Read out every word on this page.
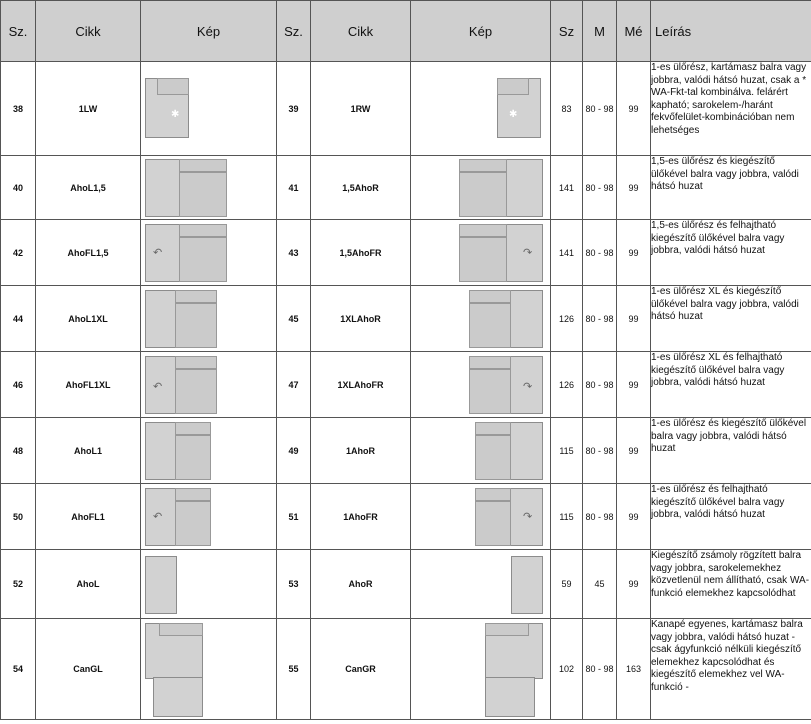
Sz.	Cikk	Kép	Sz.	Cikk	Kép	Sz	M	Mé	Leírás
38	1LW	✱	39	1RW	✱	83	80 - 98	99	1-es ülőrész, kartámasz balra vagy jobbra, valódi hátsó huzat, csak a * WA-Fkt-tal kombinálva. felárért kapható; sarokelem-/haránt fekvőfelület-kombinációban nem lehetséges
40	AhoL1,5		41	1,5AhoR		141	80 - 98	99	1,5-es ülőrész és kiegészítő ülőkével balra vagy jobbra, valódi hátsó huzat
42	AhoFL1,5	↶	43	1,5AhoFR	↷	141	80 - 98	99	1,5-es ülőrész és felhajtható kiegészítő ülőkével balra vagy jobbra, valódi hátsó huzat
44	AhoL1XL		45	1XLAhoR		126	80 - 98	99	1-es ülőrész XL és kiegészítő ülőkével balra vagy jobbra, valódi hátsó huzat
46	AhoFL1XL	↶	47	1XLAhoFR	↷	126	80 - 98	99	1-es ülőrész XL és felhajtható kiegészítő ülőkével balra vagy jobbra, valódi hátsó huzat
48	AhoL1		49	1AhoR		115	80 - 98	99	1-es ülőrész és kiegészítő ülőkével balra vagy jobbra, valódi hátsó huzat
50	AhoFL1	↶	51	1AhoFR	↷	115	80 - 98	99	1-es ülőrész és felhajtható kiegészítő ülőkével balra vagy jobbra, valódi hátsó huzat
52	AhoL		53	AhoR		59	45	99	Kiegészítő zsámoly rögzített balra vagy jobbra, sarokelemekhez közvetlenül nem állítható, csak WA-funkció elemekhez kapcsolódhat
54	CanGL		55	CanGR		102	80 - 98	163	Kanapé egyenes, kartámasz balra vagy jobbra, valódi hátsó huzat - csak ágyfunkció nélküli kiegészítő elemekhez kapcsolódhat és kiegészítő elemekhez vel WA-funkció -
